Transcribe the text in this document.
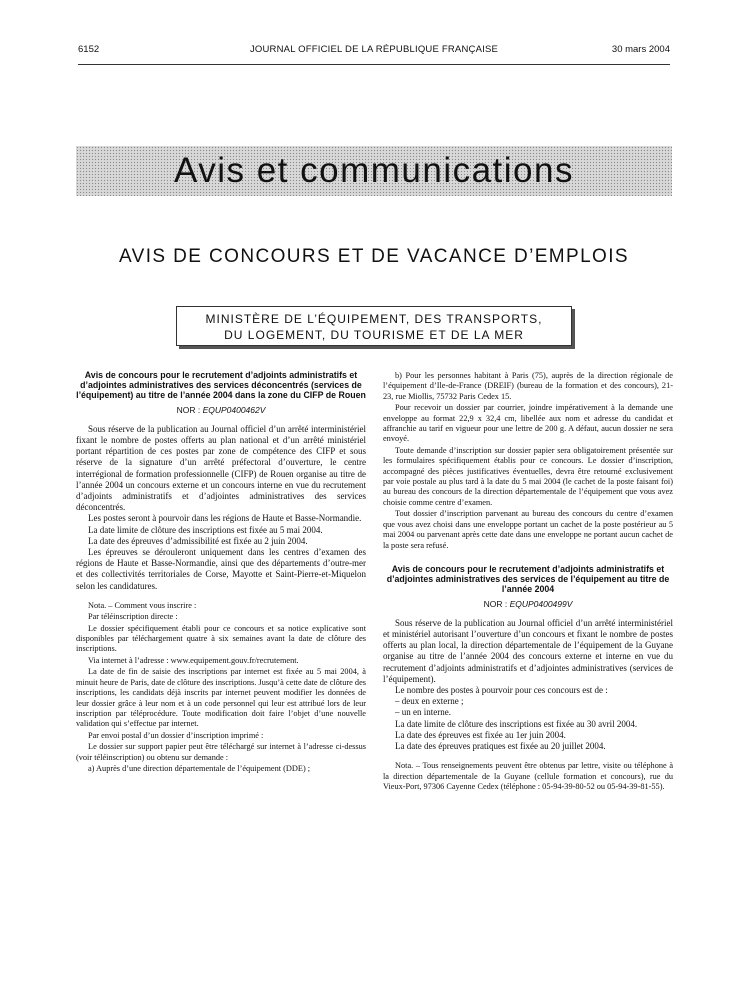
6152	JOURNAL OFFICIEL DE LA RÉPUBLIQUE FRANÇAISE	30 mars 2004
Avis et communications
AVIS DE CONCOURS ET DE VACANCE D’EMPLOIS
MINISTÈRE DE L’ÉQUIPEMENT, DES TRANSPORTS,
DU LOGEMENT, DU TOURISME ET DE LA MER
Avis de concours pour le recrutement d’adjoints administratifs et d’adjointes administratives des services déconcentrés (services de l’équipement) au titre de l’année 2004 dans la zone du CIFP de Rouen
NOR : EQUP0400462V

Sous réserve de la publication au Journal officiel d’un arrêté interministériel fixant le nombre de postes offerts au plan national et d’un arrêté ministériel portant répartition de ces postes par zone de compétence des CIFP et sous réserve de la signature d’un arrêté préfectoral d’ouverture, le centre interrégional de formation professionnelle (CIFP) de Rouen organise au titre de l’année 2004 un concours externe et un concours interne en vue du recrutement d’adjoints administratifs et d’adjointes administratives des services déconcentrés.

Les postes seront à pourvoir dans les régions de Haute et Basse-Normandie.

La date limite de clôture des inscriptions est fixée au 5 mai 2004.

La date des épreuves d’admissibilité est fixée au 2 juin 2004.

Les épreuves se dérouleront uniquement dans les centres d’examen des régions de Haute et Basse-Normandie, ainsi que des départements d’outre-mer et des collectivités territoriales de Corse, Mayotte et Saint-Pierre-et-Miquelon selon les candidatures.

Nota. – Comment vous inscrire :

Par téléinscription directe :

Le dossier spécifiquement établi pour ce concours et sa notice explicative sont disponibles par téléchargement quatre à six semaines avant la date de clôture des inscriptions.

Via internet à l’adresse : www.equipement.gouv.fr/recrutement.

La date de fin de saisie des inscriptions par internet est fixée au 5 mai 2004, à minuit heure de Paris, date de clôture des inscriptions. Jusqu’à cette date de clôture des inscriptions, les candidats déjà inscrits par internet peuvent modifier les données de leur dossier grâce à leur nom et à un code personnel qui leur est attribué lors de leur inscription par téléprocédure. Toute modification doit faire l’objet d’une nouvelle validation qui s’effectue par internet.

Par envoi postal d’un dossier d’inscription imprimé :

Le dossier sur support papier peut être téléchargé sur internet à l’adresse ci-dessus (voir téléinscription) ou obtenu sur demande :

a) Auprès d’une direction départementale de l’équipement (DDE) ;

b) Pour les personnes habitant à Paris (75), auprès de la direction régionale de l’équipement d’Ile-de-France (DREIF) (bureau de la formation et des concours), 21-23, rue Miollis, 75732 Paris Cedex 15.

Pour recevoir un dossier par courrier, joindre impérativement à la demande une enveloppe au format 22,9 x 32,4 cm, libellée aux nom et adresse du candidat et affranchie au tarif en vigueur pour une lettre de 200 g. A défaut, aucun dossier ne sera envoyé.

Toute demande d’inscription sur dossier papier sera obligatoirement présentée sur les formulaires spécifiquement établis pour ce concours. Le dossier d’inscription, accompagné des pièces justificatives éventuelles, devra être retourné exclusivement par voie postale au plus tard à la date du 5 mai 2004 (le cachet de la poste faisant foi) au bureau des concours de la direction départementale de l’équipement que vous avez choisie comme centre d’examen.

Tout dossier d’inscription parvenant au bureau des concours du centre d’examen que vous avez choisi dans une enveloppe portant un cachet de la poste postérieur au 5 mai 2004 ou parvenant après cette date dans une enveloppe ne portant aucun cachet de la poste sera refusé.

Avis de concours pour le recrutement d’adjoints administratifs et d’adjointes administratives des services de l’équipement au titre de l’année 2004
NOR : EQUP0400499V

Sous réserve de la publication au Journal officiel d’un arrêté interministériel et ministériel autorisant l’ouverture d’un concours et fixant le nombre de postes offerts au plan local, la direction départementale de l’équipement de la Guyane organise au titre de l’année 2004 des concours externe et interne en vue du recrutement d’adjoints administratifs et d’adjointes administratives (services de l’équipement).

Le nombre des postes à pourvoir pour ces concours est de :

– deux en externe ;

– un en interne.

La date limite de clôture des inscriptions est fixée au 30 avril 2004.

La date des épreuves est fixée au 1er juin 2004.

La date des épreuves pratiques est fixée au 20 juillet 2004.

Nota. – Tous renseignements peuvent être obtenus par lettre, visite ou téléphone à la direction départementale de la Guyane (cellule formation et concours), rue du Vieux-Port, 97306 Cayenne Cedex (téléphone : 05-94-39-80-52 ou 05-94-39-81-55).
